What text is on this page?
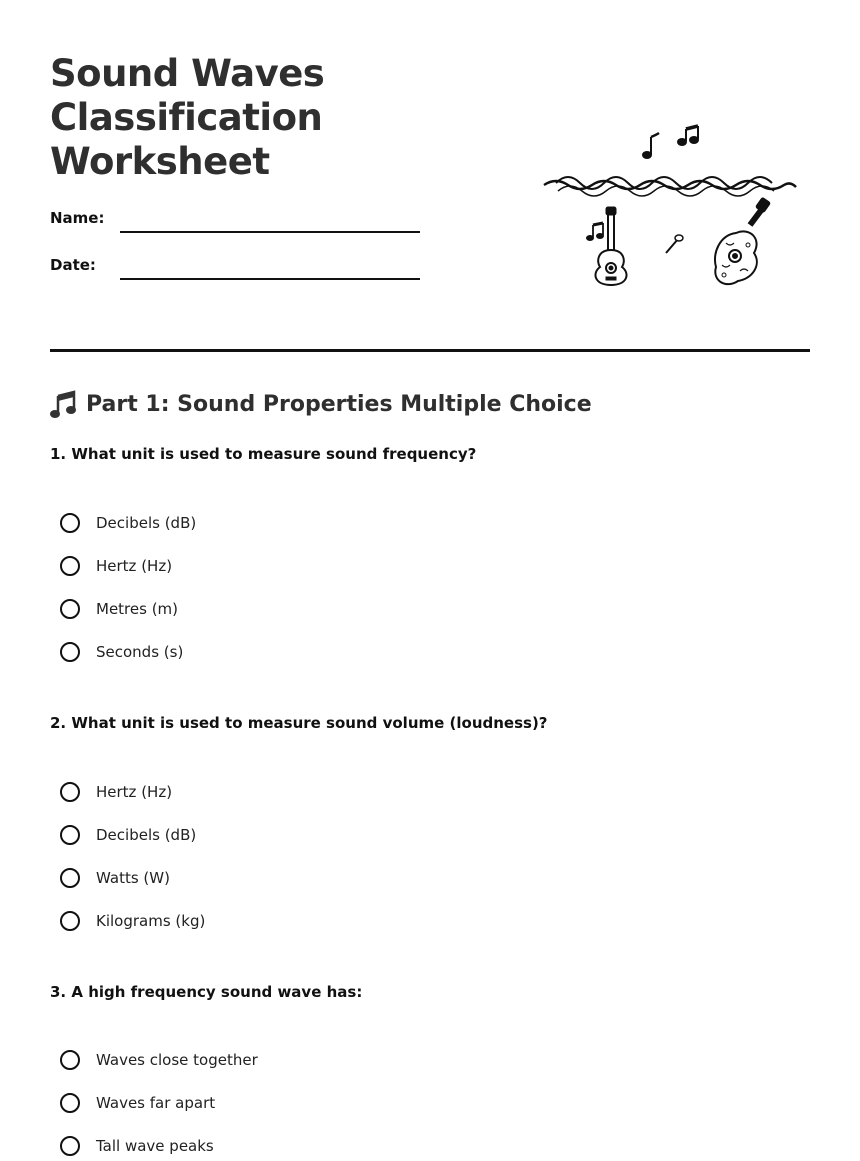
Sound Waves
Classification
Worksheet
Name:
Date:
Part 1: Sound Properties Multiple Choice
1. What unit is used to measure sound frequency?
Decibels (dB)
Hertz (Hz)
Metres (m)
Seconds (s)
2. What unit is used to measure sound volume (loudness)?
Hertz (Hz)
Decibels (dB)
Watts (W)
Kilograms (kg)
3. A high frequency sound wave has:
Waves close together
Waves far apart
Tall wave peaks
